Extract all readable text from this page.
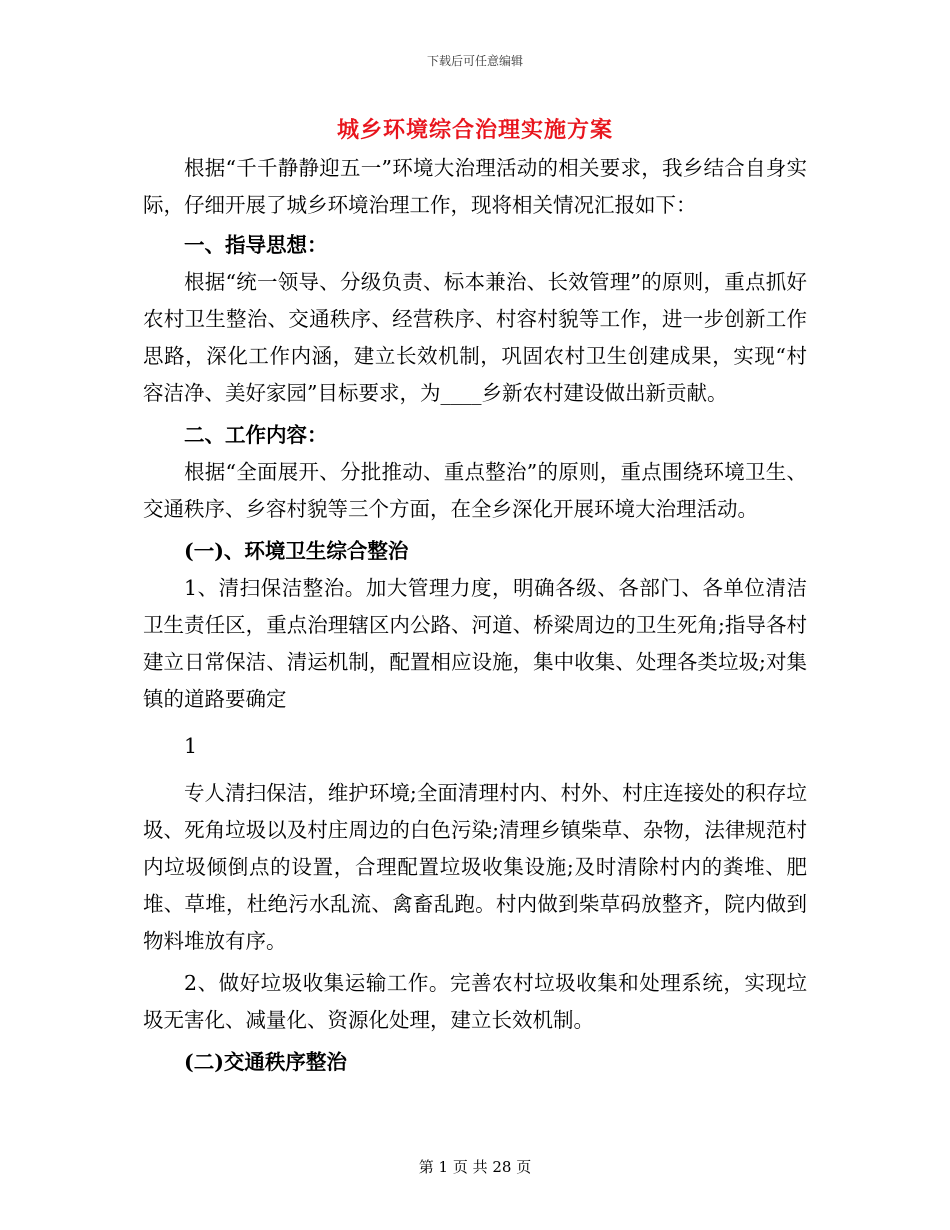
下载后可任意编辑
城乡环境综合治理实施方案

根据“千千静静迎五一”环境大治理活动的相关要求，我乡结合自身实际，仔细开展了城乡环境治理工作，现将相关情况汇报如下：

一、指导思想：

根据“统一领导、分级负责、标本兼治、长效管理”的原则，重点抓好农村卫生整治、交通秩序、经营秩序、村容村貌等工作，进一步创新工作思路，深化工作内涵，建立长效机制，巩固农村卫生创建成果，实现“村容洁净、美好家园”目标要求，为____乡新农村建设做出新贡献。

二、工作内容：

根据“全面展开、分批推动、重点整治”的原则，重点围绕环境卫生、交通秩序、乡容村貌等三个方面，在全乡深化开展环境大治理活动。

(一)、环境卫生综合整治

1、清扫保洁整治。加大管理力度，明确各级、各部门、各单位清洁卫生责任区，重点治理辖区内公路、河道、桥梁周边的卫生死角;指导各村建立日常保洁、清运机制，配置相应设施，集中收集、处理各类垃圾;对集镇的道路要确定

1

专人清扫保洁，维护环境;全面清理村内、村外、村庄连接处的积存垃圾、死角垃圾以及村庄周边的白色污染;清理乡镇柴草、杂物，法律规范村内垃圾倾倒点的设置，合理配置垃圾收集设施;及时清除村内的粪堆、肥堆、草堆，杜绝污水乱流、禽畜乱跑。村内做到柴草码放整齐，院内做到物料堆放有序。

2、做好垃圾收集运输工作。完善农村垃圾收集和处理系统，实现垃圾无害化、减量化、资源化处理，建立长效机制。

(二)交通秩序整治

第 1 页 共 28 页
